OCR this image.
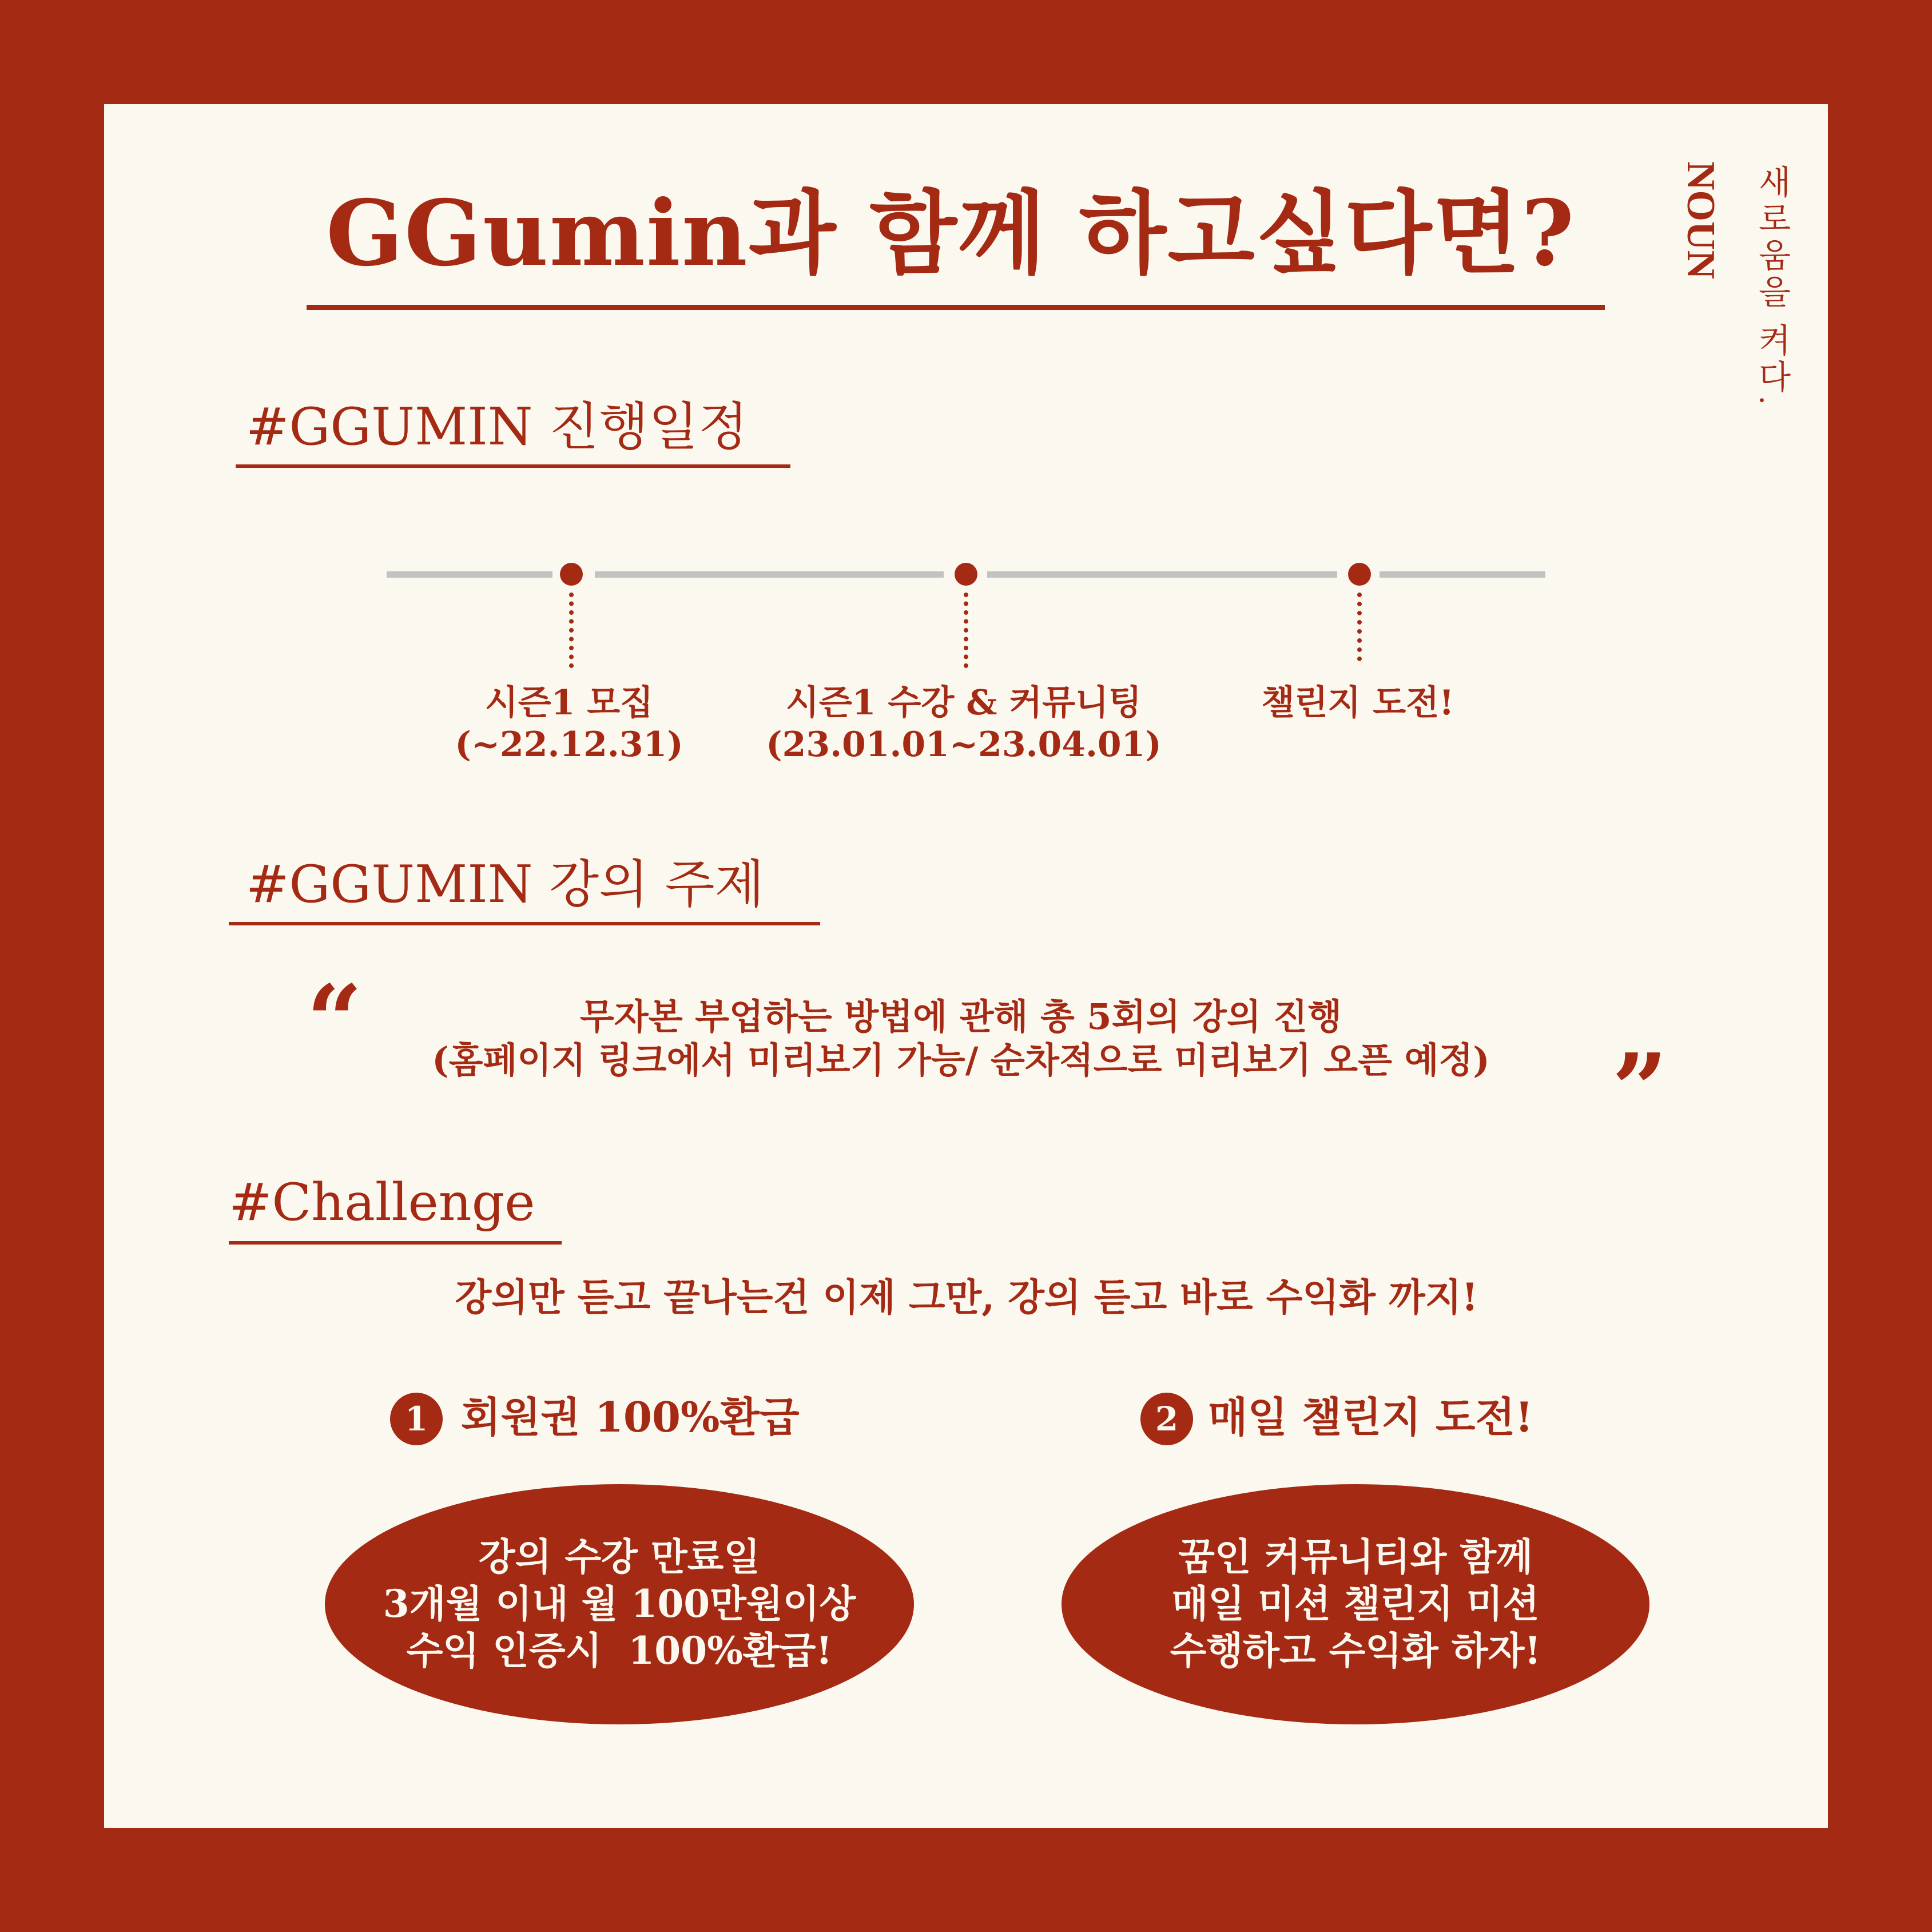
GGumin과 함께 하고싶다면?	NOUN 새로움을 켜다.
#GGUMIN 진행일정
시즌1 모집
(~22.12.31)
시즌1 수강 & 커뮤니팅
(23.01.01~23.04.01)
챌린지 도전!
#GGUMIN 강의 주제
“	무자본 부업하는 방법에 관해 총 5회의 강의 진행
(홈페이지 링크에서 미리보기 가능/ 순차적으로 미리보기 오픈 예정)	”
#Challenge
강의만 듣고 끝나는건 이제 그만, 강의 듣고 바로 수익화 까지!
1 회원권 100%환급	2 매일 챌린지 도전!
강의 수강 만료일
3개월 이내 월 100만원이상
수익 인증시  100%환급!
꿈인 커뮤니티와 함께
매일 미션 챌린지 미션
수행하고 수익화 하자!
